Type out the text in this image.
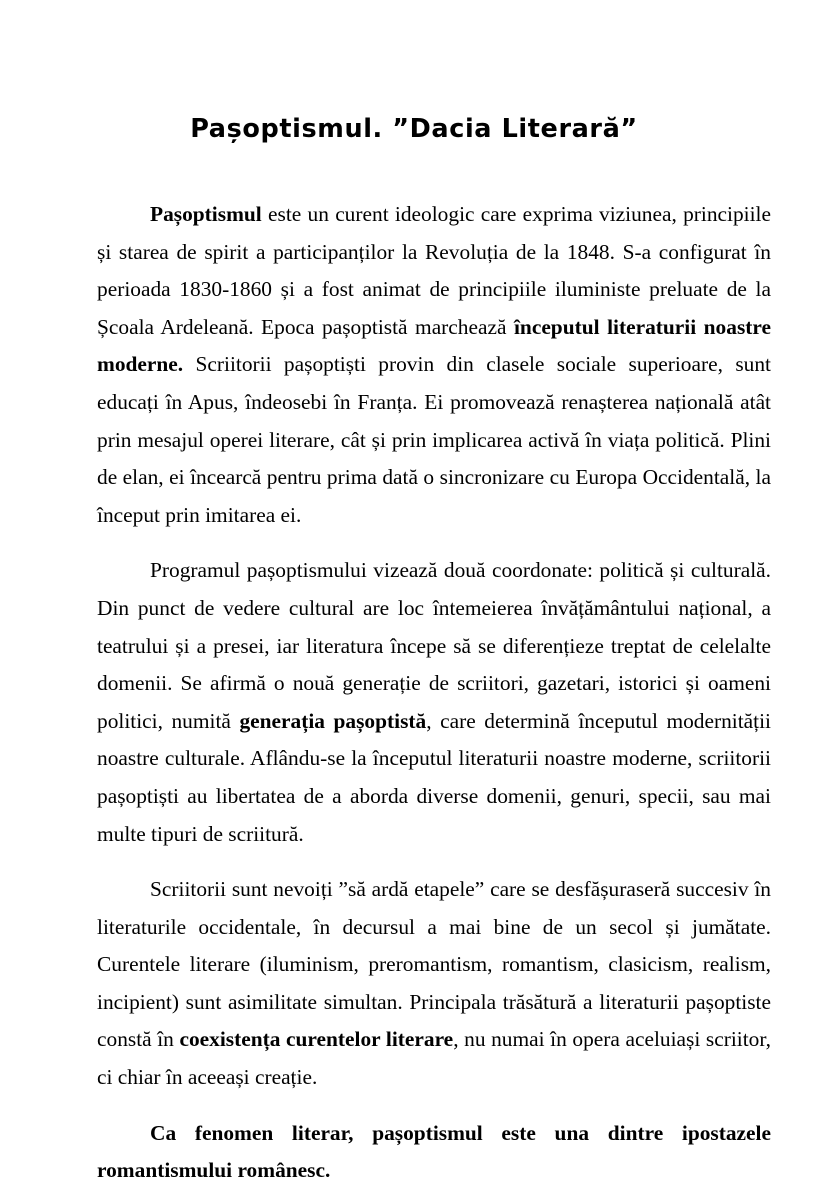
Pașoptismul. ”Dacia Literară”

Pașoptismul este un curent ideologic care exprima viziunea, principiile și starea de spirit a participanților la Revoluția de la 1848. S-a configurat în perioada 1830-1860 și a fost animat de principiile iluministe preluate de la Școala Ardeleană. Epoca pașoptistă marchează începutul literaturii noastre moderne. Scriitorii pașoptiști provin din clasele sociale superioare, sunt educați în Apus, îndeosebi în Franța. Ei promovează renașterea națională atât prin mesajul operei literare, cât și prin implicarea activă în viața politică. Plini de elan, ei încearcă pentru prima dată o sincronizare cu Europa Occidentală, la început prin imitarea ei.

Programul pașoptismului vizează două coordonate: politică și culturală. Din punct de vedere cultural are loc întemeierea învățământului național, a teatrului și a presei, iar literatura începe să se diferențieze treptat de celelalte domenii. Se afirmă o nouă generație de scriitori, gazetari, istorici și oameni politici, numită generația pașoptistă, care determină începutul modernității noastre culturale. Aflându-se la începutul literaturii noastre moderne, scriitorii pașoptiști au libertatea de a aborda diverse domenii, genuri, specii, sau mai multe tipuri de scriitură.

Scriitorii sunt nevoiți ”să ardă etapele” care se desfășuraseră succesiv în literaturile occidentale, în decursul a mai bine de un secol și jumătate. Curentele literare (iluminism, preromantism, romantism, clasicism, realism, incipient) sunt asimilitate simultan. Principala trăsătură a literaturii pașoptiste constă în coexistența curentelor literare, nu numai în opera aceluiași scriitor, ci chiar în aceeași creație.

Ca fenomen literar, pașoptismul este una dintre ipostazele romantismului românesc.
